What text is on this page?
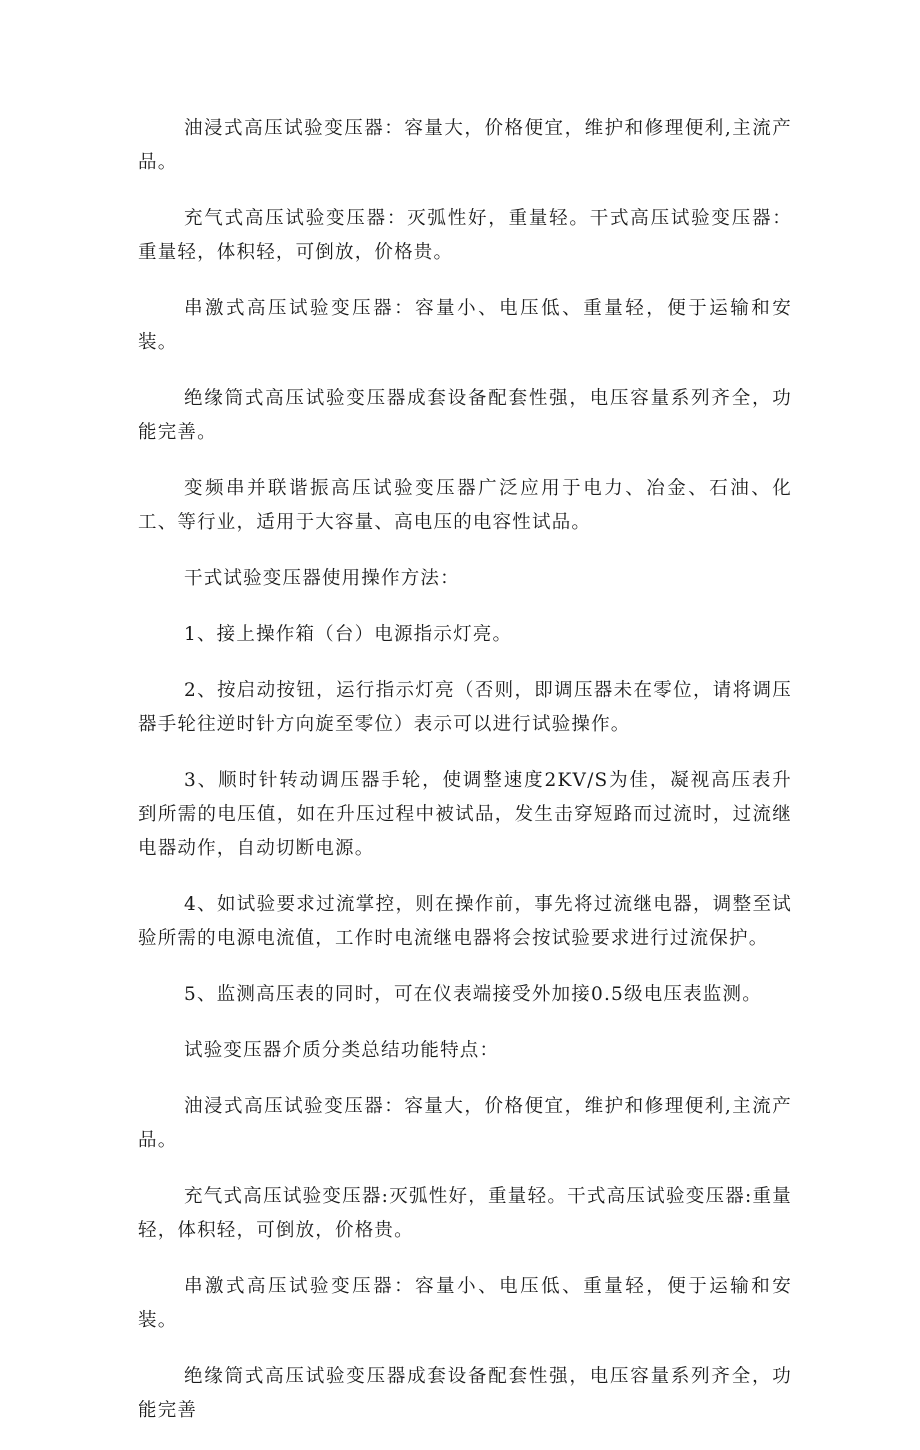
油浸式高压试验变压器：容量大，价格便宜，维护和修理便利,主流产品。

充气式高压试验变压器：灭弧性好，重量轻。干式高压试验变压器：重量轻，体积轻，可倒放，价格贵。

串激式高压试验变压器：容量小、电压低、重量轻，便于运输和安装。

绝缘筒式高压试验变压器成套设备配套性强，电压容量系列齐全，功能完善。

变频串并联谐振高压试验变压器广泛应用于电力、冶金、石油、化工、等行业，适用于大容量、高电压的电容性试品。

干式试验变压器使用操作方法：

1、接上操作箱（台）电源指示灯亮。

2、按启动按钮，运行指示灯亮（否则，即调压器未在零位，请将调压器手轮往逆时针方向旋至零位）表示可以进行试验操作。

3、顺时针转动调压器手轮，使调整速度2KV/S为佳，凝视高压表升到所需的电压值，如在升压过程中被试品，发生击穿短路而过流时，过流继电器动作，自动切断电源。

4、如试验要求过流掌控，则在操作前，事先将过流继电器，调整至试验所需的电源电流值，工作时电流继电器将会按试验要求进行过流保护。

5、监测高压表的同时，可在仪表端接受外加接0.5级电压表监测。

试验变压器介质分类总结功能特点：

油浸式高压试验变压器：容量大，价格便宜，维护和修理便利,主流产品。

充气式高压试验变压器:灭弧性好，重量轻。干式高压试验变压器:重量轻，体积轻，可倒放，价格贵。

串激式高压试验变压器：容量小、电压低、重量轻，便于运输和安装。

绝缘筒式高压试验变压器成套设备配套性强，电压容量系列齐全，功能完善
